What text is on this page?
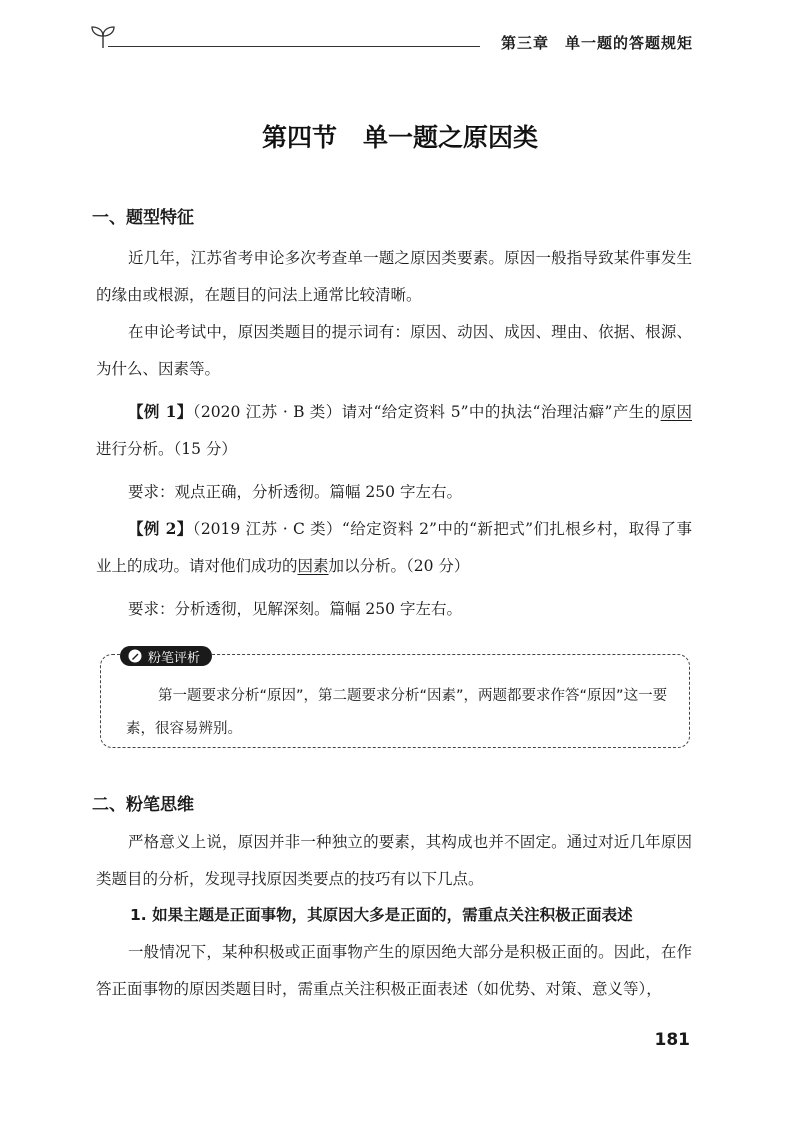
第三章　单一题的答题规矩
第四节 单一题之原因类
一、题型特征

近几年，江苏省考申论多次考查单一题之原因类要素。原因一般指导致某件事发生的缘由或根源，在题目的问法上通常比较清晰。

在申论考试中，原因类题目的提示词有：原因、动因、成因、理由、依据、根源、为什么、因素等。

【例 1】（2020 江苏 · B 类）请对“给定资料 5”中的执法“治理沽癖”产生的原因进行分析。（15 分）

要求：观点正确，分析透彻。篇幅 250 字左右。

【例 2】（2019 江苏 · C 类）“给定资料 2”中的“新把式”们扎根乡村，取得了事业上的成功。请对他们成功的因素加以分析。（20 分）

要求：分析透彻，见解深刻。篇幅 250 字左右。

粉笔评析

第一题要求分析“原因”，第二题要求分析“因素”，两题都要求作答“原因”这一要素，很容易辨别。

二、粉笔思维

严格意义上说，原因并非一种独立的要素，其构成也并不固定。通过对近几年原因类题目的分析，发现寻找原因类要点的技巧有以下几点。

1. 如果主题是正面事物，其原因大多是正面的，需重点关注积极正面表述

一般情况下，某种积极或正面事物产生的原因绝大部分是积极正面的。因此，在作答正面事物的原因类题目时，需重点关注积极正面表述（如优势、对策、意义等），

181
